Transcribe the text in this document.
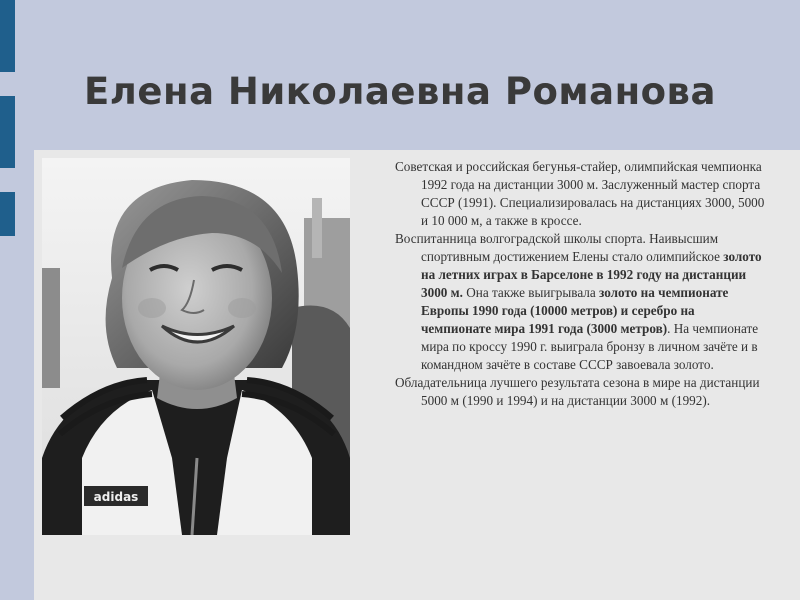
Елена Николаевна Романова
adidas

Советская и российская бегунья-стайер, олимпийская чемпионка 1992 года на дистанции 3000 м. Заслуженный мастер спорта СССР (1991). Специализировалась на дистанциях 3000, 5000 и 10 000 м, а также в кроссе.

Воспитанница волгоградской школы спорта. Наивысшим спортивным достижением Елены стало олимпийское золото на летних играх в Барселоне в 1992 году на дистанции 3000 м. Она также выигрывала золото на чемпионате Европы 1990 года (10000 метров) и серебро на чемпионате мира 1991 года (3000 метров). На чемпионате мира по кроссу 1990 г. выиграла бронзу в личном зачёте и в командном зачёте в составе СССР завоевала золото.

Обладательница лучшего результата сезона в мире на дистанции 5000 м (1990 и 1994) и на дистанции 3000 м (1992).
